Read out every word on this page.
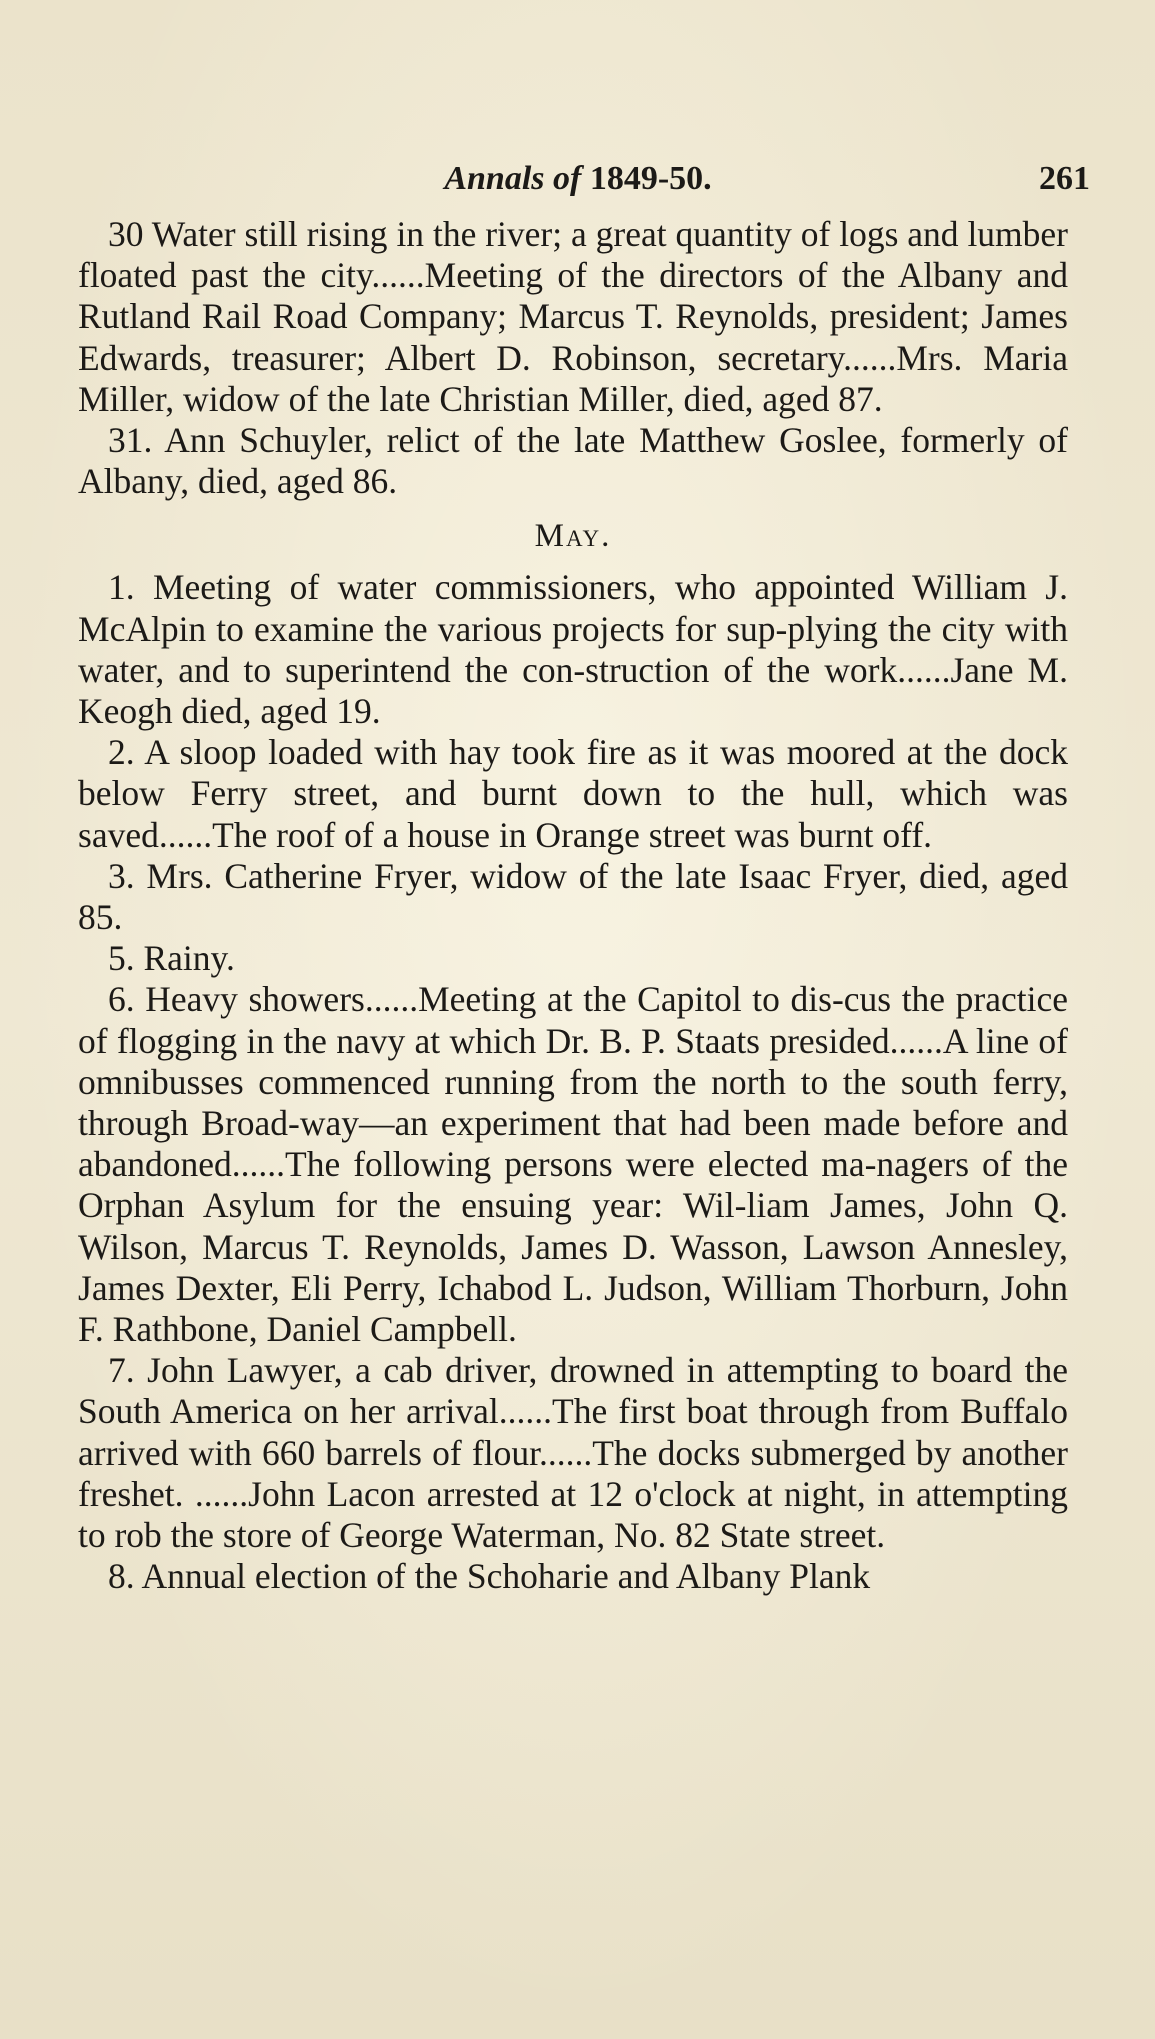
Annals of 1849-50.	261

30 Water still rising in the river; a great quantity of logs and lumber floated past the city......Meeting of the directors of the Albany and Rutland Rail Road Company; Marcus T. Reynolds, president; James Edwards, treasurer; Albert D. Robinson, secretary......Mrs. Maria Miller, widow of the late Christian Miller, died, aged 87.

31. Ann Schuyler, relict of the late Matthew Goslee, formerly of Albany, died, aged 86.

May.

1. Meeting of water commissioners, who appointed William J. McAlpin to examine the various projects for sup-plying the city with water, and to superintend the con-struction of the work......Jane M. Keogh died, aged 19.

2. A sloop loaded with hay took fire as it was moored at the dock below Ferry street, and burnt down to the hull, which was saved......The roof of a house in Orange street was burnt off.

3. Mrs. Catherine Fryer, widow of the late Isaac Fryer, died, aged 85.

5. Rainy.

6. Heavy showers......Meeting at the Capitol to dis-cus the practice of flogging in the navy at which Dr. B. P. Staats presided......A line of omnibusses commenced running from the north to the south ferry, through Broad-way—an experiment that had been made before and abandoned......The following persons were elected ma-nagers of the Orphan Asylum for the ensuing year: Wil-liam James, John Q. Wilson, Marcus T. Reynolds, James D. Wasson, Lawson Annesley, James Dexter, Eli Perry, Ichabod L. Judson, William Thorburn, John F. Rathbone, Daniel Campbell.

7. John Lawyer, a cab driver, drowned in attempting to board the South America on her arrival......The first boat through from Buffalo arrived with 660 barrels of flour......The docks submerged by another freshet. ......John Lacon arrested at 12 o'clock at night, in attempting to rob the store of George Waterman, No. 82 State street.

8. Annual election of the Schoharie and Albany Plank
